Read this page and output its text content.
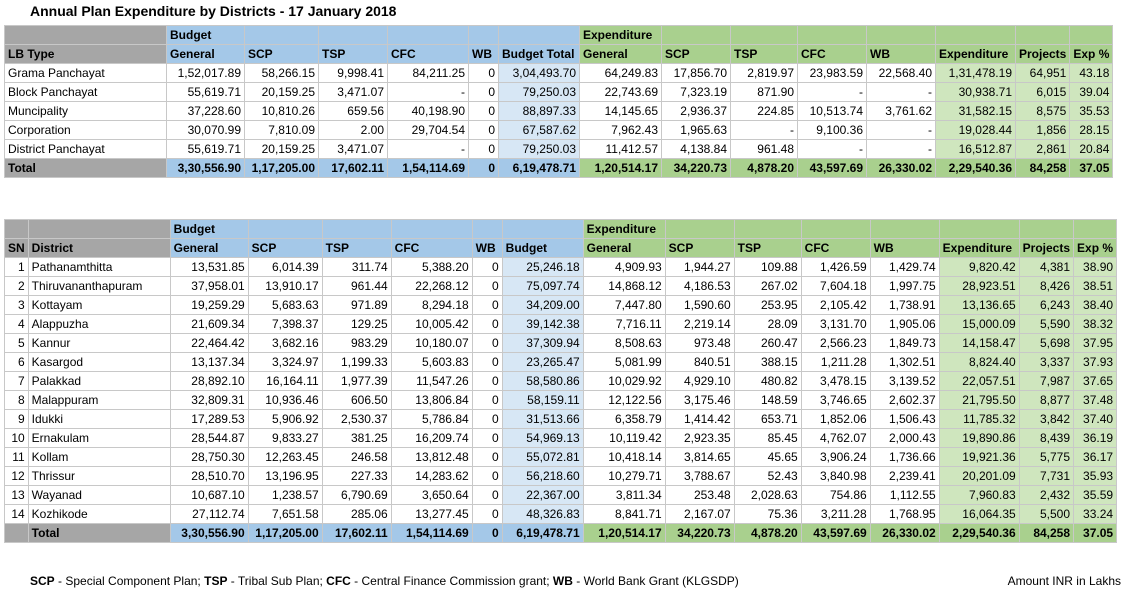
Annual Plan Expenditure by Districts - 17 January 2018
	Budget						Expenditure							
LB Type	General	SCP	TSP	CFC	WB	Budget Total	General	SCP	TSP	CFC	WB	Expenditure	Projects	Exp %
Grama Panchayat	1,52,017.89	58,266.15	9,998.41	84,211.25	0	3,04,493.70	64,249.83	17,856.70	2,819.97	23,983.59	22,568.40	1,31,478.19	64,951	43.18
Block Panchayat	55,619.71	20,159.25	3,471.07	-	0	79,250.03	22,743.69	7,323.19	871.90	-	-	30,938.71	6,015	39.04
Muncipality	37,228.60	10,810.26	659.56	40,198.90	0	88,897.33	14,145.65	2,936.37	224.85	10,513.74	3,761.62	31,582.15	8,575	35.53
Corporation	30,070.99	7,810.09	2.00	29,704.54	0	67,587.62	7,962.43	1,965.63	-	9,100.36	-	19,028.44	1,856	28.15
District Panchayat	55,619.71	20,159.25	3,471.07	-	0	79,250.03	11,412.57	4,138.84	961.48	-	-	16,512.87	2,861	20.84
Total	3,30,556.90	1,17,205.00	17,602.11	1,54,114.69	0	6,19,478.71	1,20,514.17	34,220.73	4,878.20	43,597.69	26,330.02	2,29,540.36	84,258	37.05
		Budget						Expenditure							
SN	District	General	SCP	TSP	CFC	WB	Budget	General	SCP	TSP	CFC	WB	Expenditure	Projects	Exp %
1	Pathanamthitta	13,531.85	6,014.39	311.74	5,388.20	0	25,246.18	4,909.93	1,944.27	109.88	1,426.59	1,429.74	9,820.42	4,381	38.90
2	Thiruvananthapuram	37,958.01	13,910.17	961.44	22,268.12	0	75,097.74	14,868.12	4,186.53	267.02	7,604.18	1,997.75	28,923.51	8,426	38.51
3	Kottayam	19,259.29	5,683.63	971.89	8,294.18	0	34,209.00	7,447.80	1,590.60	253.95	2,105.42	1,738.91	13,136.65	6,243	38.40
4	Alappuzha	21,609.34	7,398.37	129.25	10,005.42	0	39,142.38	7,716.11	2,219.14	28.09	3,131.70	1,905.06	15,000.09	5,590	38.32
5	Kannur	22,464.42	3,682.16	983.29	10,180.07	0	37,309.94	8,508.63	973.48	260.47	2,566.23	1,849.73	14,158.47	5,698	37.95
6	Kasargod	13,137.34	3,324.97	1,199.33	5,603.83	0	23,265.47	5,081.99	840.51	388.15	1,211.28	1,302.51	8,824.40	3,337	37.93
7	Palakkad	28,892.10	16,164.11	1,977.39	11,547.26	0	58,580.86	10,029.92	4,929.10	480.82	3,478.15	3,139.52	22,057.51	7,987	37.65
8	Malappuram	32,809.31	10,936.46	606.50	13,806.84	0	58,159.11	12,122.56	3,175.46	148.59	3,746.65	2,602.37	21,795.50	8,877	37.48
9	Idukki	17,289.53	5,906.92	2,530.37	5,786.84	0	31,513.66	6,358.79	1,414.42	653.71	1,852.06	1,506.43	11,785.32	3,842	37.40
10	Ernakulam	28,544.87	9,833.27	381.25	16,209.74	0	54,969.13	10,119.42	2,923.35	85.45	4,762.07	2,000.43	19,890.86	8,439	36.19
11	Kollam	28,750.30	12,263.45	246.58	13,812.48	0	55,072.81	10,418.14	3,814.65	45.65	3,906.24	1,736.66	19,921.36	5,775	36.17
12	Thrissur	28,510.70	13,196.95	227.33	14,283.62	0	56,218.60	10,279.71	3,788.67	52.43	3,840.98	2,239.41	20,201.09	7,731	35.93
13	Wayanad	10,687.10	1,238.57	6,790.69	3,650.64	0	22,367.00	3,811.34	253.48	2,028.63	754.86	1,112.55	7,960.83	2,432	35.59
14	Kozhikode	27,112.74	7,651.58	285.06	13,277.45	0	48,326.83	8,841.71	2,167.07	75.36	3,211.28	1,768.95	16,064.35	5,500	33.24
	Total	3,30,556.90	1,17,205.00	17,602.11	1,54,114.69	0	6,19,478.71	1,20,514.17	34,220.73	4,878.20	43,597.69	26,330.02	2,29,540.36	84,258	37.05
SCP - Special Component Plan; TSP - Tribal Sub Plan; CFC - Central Finance Commission grant; WB - World Bank Grant (KLGSDP)	Amount INR in Lakhs
